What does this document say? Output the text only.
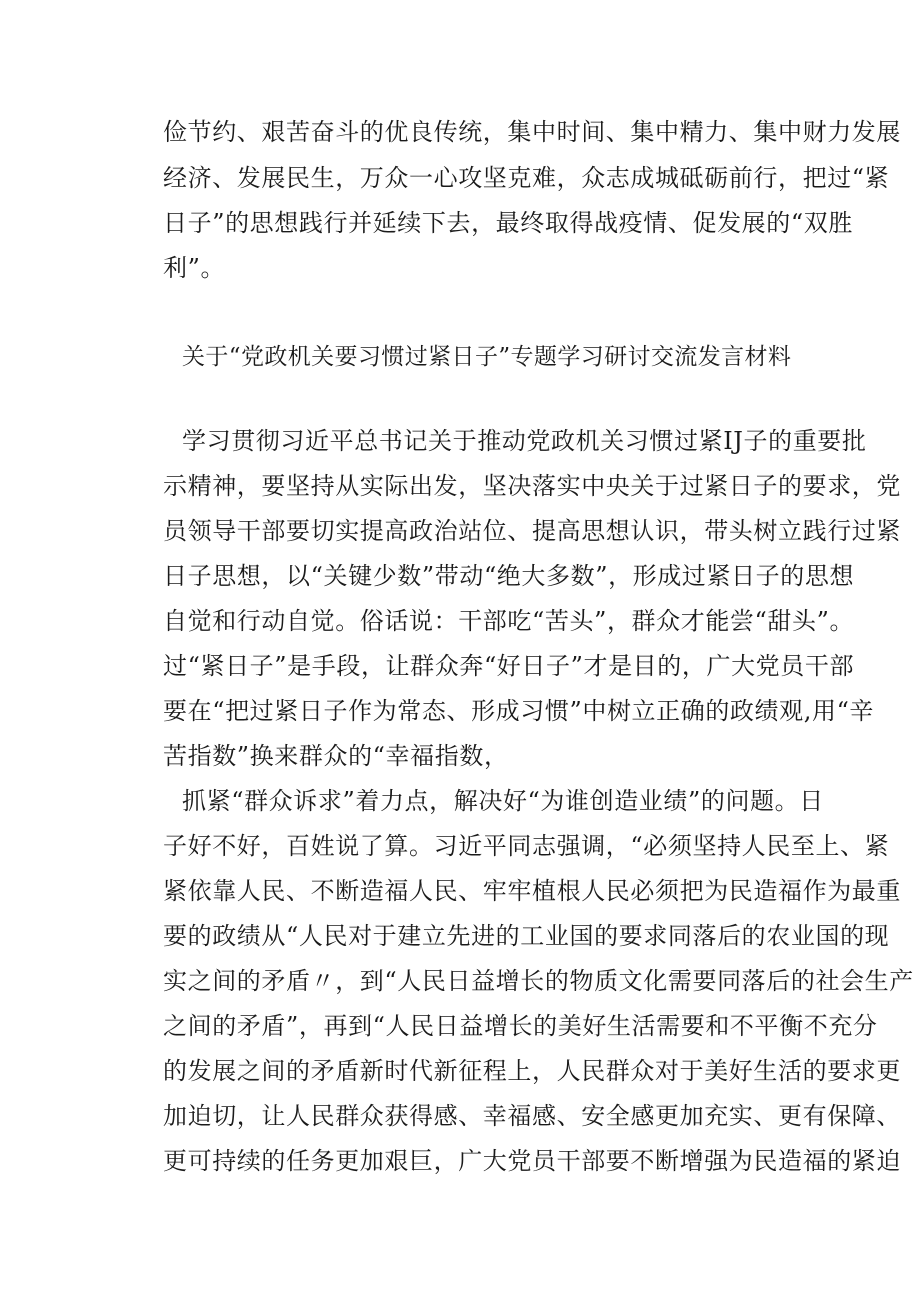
俭节约、艰苦奋斗的优良传统，集中时间、集中精力、集中财力发展
经济、发展民生，万众一心攻坚克难，众志成城砥砺前行，把过“紧
日子”的思想践行并延续下去，最终取得战疫情、促发展的“双胜
利”。
关于“党政机关要习惯过紧日子”专题学习研讨交流发言材料
学习贯彻习近平总书记关于推动党政机关习惯过紧IJ子的重要批
示精神，要坚持从实际出发，坚决落实中央关于过紧日子的要求，党
员领导干部要切实提高政治站位、提高思想认识，带头树立践行过紧
日子思想，以“关键少数”带动“绝大多数”，形成过紧日子的思想
自觉和行动自觉。俗话说：干部吃“苦头”，群众才能尝“甜头”。
过“紧日子”是手段，让群众奔“好日子”才是目的，广大党员干部
要在“把过紧日子作为常态、形成习惯”中树立正确的政绩观,用“辛
苦指数”换来群众的“幸福指数，
抓紧“群众诉求”着力点，解决好“为谁创造业绩”的问题。日
子好不好，百姓说了算。习近平同志强调，“必须坚持人民至上、紧
紧依靠人民、不断造福人民、牢牢植根人民必须把为民造福作为最重
要的政绩从“人民对于建立先进的工业国的要求同落后的农业国的现
实之间的矛盾〃，到“人民日益增长的物质文化需要同落后的社会生产
之间的矛盾”，再到“人民日益增长的美好生活需要和不平衡不充分
的发展之间的矛盾新时代新征程上，人民群众对于美好生活的要求更
加迫切，让人民群众获得感、幸福感、安全感更加充实、更有保障、
更可持续的任务更加艰巨，广大党员干部要不断增强为民造福的紧迫
